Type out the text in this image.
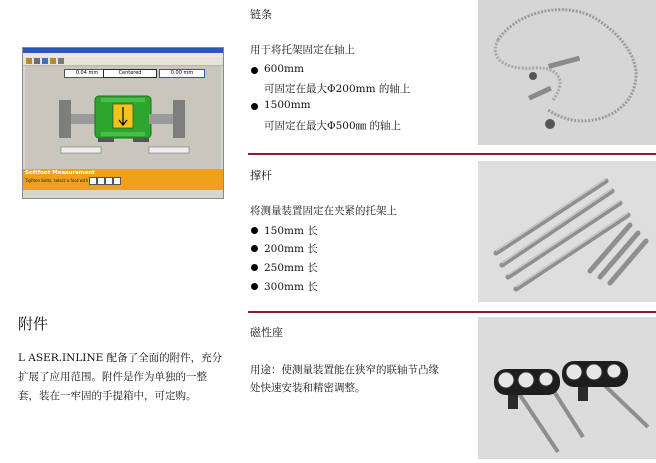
0.04 mm	Centered	0.00 mm
Softfoot Measurement
Tighten bolts, select a foot with
链条
用于将托架固定在轴上
600mm
可固定在最大Φ200mm 的轴上
1500mm
可固定在最大Φ500㎜ 的轴上
撑杆
将测量装置固定在夹紧的托架上
150mm 长
200mm 长
250mm 长
300mm 长
磁性座
用途：使测量装置能在狭窄的联轴节凸缘
处快速安装和精密调整。
附件
L ASER.INLINE 配备了全面的附件，充分
扩展了应用范围。附件是作为单独的一整
套，装在一牢固的手提箱中，可定购。
